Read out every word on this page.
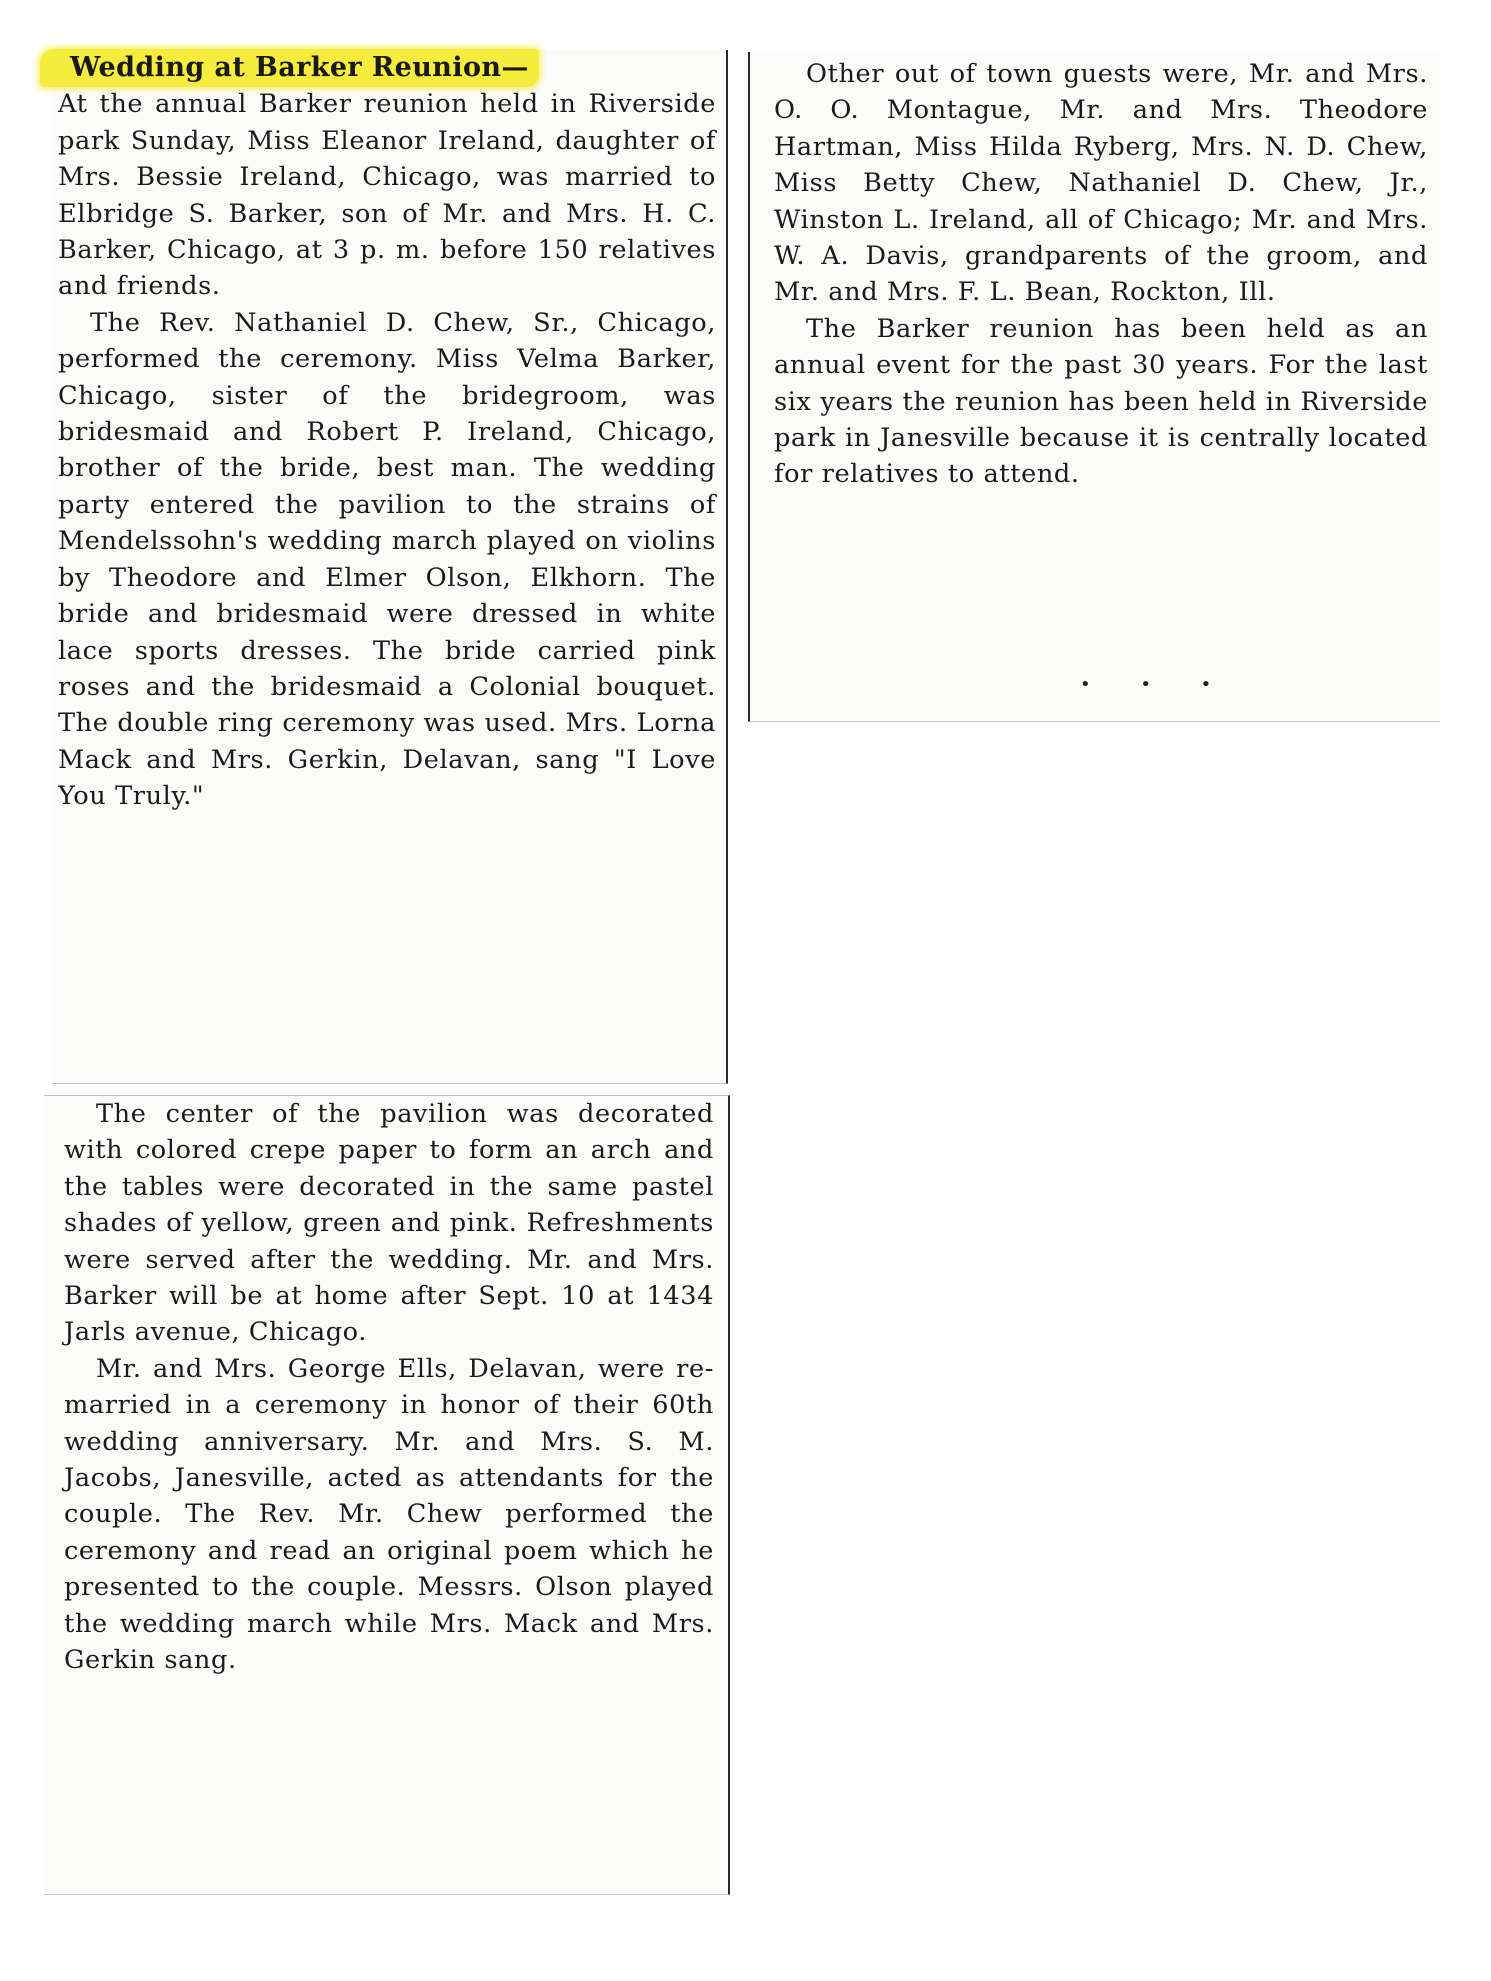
Wedding at Barker Reunion—

At the annual Barker reunion held in Riverside park Sunday, Miss Eleanor Ireland, daughter of Mrs. Bessie Ireland, Chicago, was married to Elbridge S. Barker, son of Mr. and Mrs. H. C. Barker, Chicago, at 3 p. m. before 150 relatives and friends.

The Rev. Nathaniel D. Chew, Sr., Chicago, performed the ceremony. Miss Velma Barker, Chicago, sister of the bridegroom, was bridesmaid and Robert P. Ireland, Chicago, brother of the bride, best man. The wedding party entered the pavilion to the strains of Mendelssohn's wedding march played on violins by Theodore and Elmer Olson, Elkhorn. The bride and bridesmaid were dressed in white lace sports dresses. The bride carried pink roses and the bridesmaid a Colonial bouquet. The double ring ceremony was used. Mrs. Lorna Mack and Mrs. Gerkin, Delavan, sang "I Love You Truly."

Other out of town guests were, Mr. and Mrs. O. O. Montague, Mr. and Mrs. Theodore Hartman, Miss Hilda Ryberg, Mrs. N. D. Chew, Miss Betty Chew, Nathaniel D. Chew, Jr., Winston L. Ireland, all of Chicago; Mr. and Mrs. W. A. Davis, grandparents of the groom, and Mr. and Mrs. F. L. Bean, Rockton, Ill.

The Barker reunion has been held as an annual event for the past 30 years. For the last six years the reunion has been held in Riverside park in Janesville because it is centrally located for relatives to attend.

• • •

The center of the pavilion was decorated with colored crepe paper to form an arch and the tables were decorated in the same pastel shades of yellow, green and pink. Refreshments were served after the wedding. Mr. and Mrs. Barker will be at home after Sept. 10 at 1434 Jarls avenue, Chicago.

Mr. and Mrs. George Ells, Delavan, were re-married in a ceremony in honor of their 60th wedding anniversary. Mr. and Mrs. S. M. Jacobs, Janesville, acted as attendants for the couple. The Rev. Mr. Chew performed the ceremony and read an original poem which he presented to the couple. Messrs. Olson played the wedding march while Mrs. Mack and Mrs. Gerkin sang.
